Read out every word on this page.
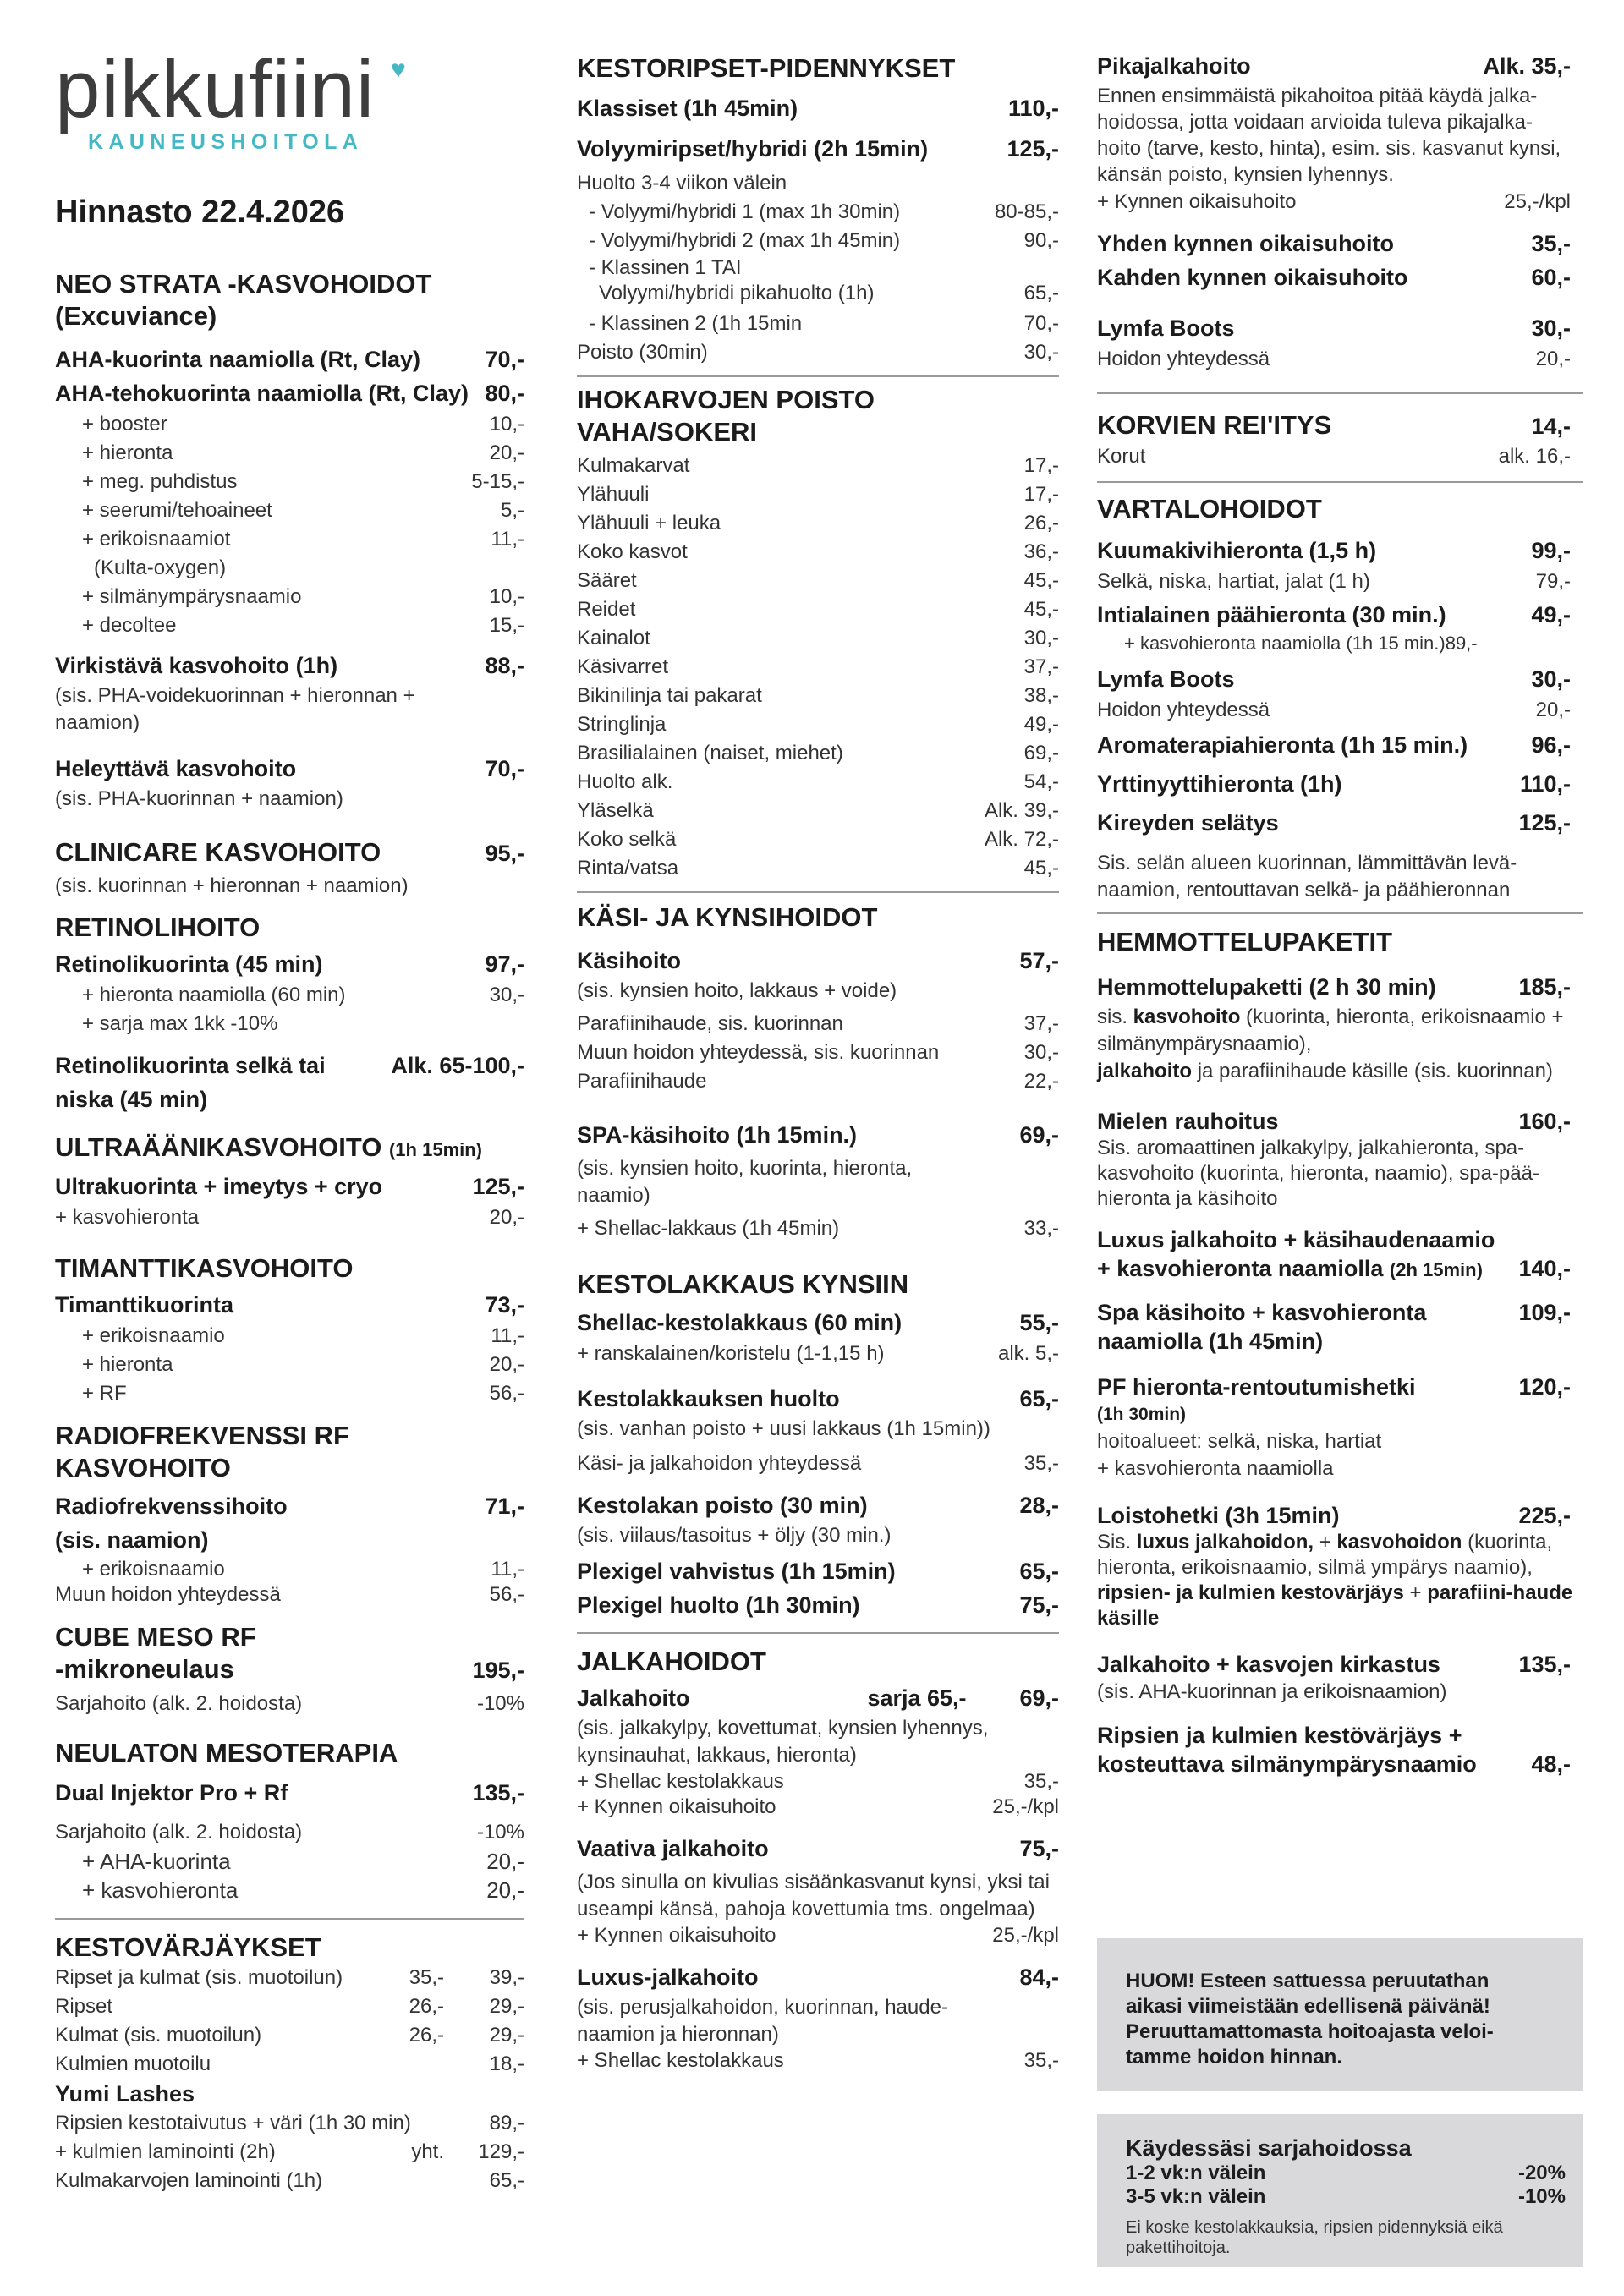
pikkufiini ♥
KAUNEUSHOITOLA
Hinnasto 22.4.2026
NEO STRATA -KASVOHOIDOT
(Excuviance)
AHA-kuorinta naamiolla (Rt, Clay)	70,-
AHA-tehokuorinta naamiolla (Rt, Clay) 80,-
+ booster	10,-
+ hieronta	20,-
+ meg. puhdistus	5-15,-
+ seerumi/tehoaineet	5,-
+ erikoisnaamiot	11,-
(Kulta-oxygen)
+ silmänympärysnaamio	10,-
+ decoltee	15,-
Virkistävä kasvohoito (1h)	88,-
(sis. PHA-voidekuorinnan + hieronnan + naamion)
Heleyttävä kasvohoito	70,-
(sis. PHA-kuorinnan + naamion)
CLINICARE KASVOHOITO	95,-
(sis. kuorinnan + hieronnan + naamion)
RETINOLIHOITO
Retinolikuorinta (45 min)	97,-
+ hieronta naamiolla (60 min)	30,-
+ sarja max 1kk -10%
Retinolikuorinta selkä tai	Alk. 65-100,-
niska (45 min)
ULTRAÄÄNIKASVOHOITO (1h 15min)
Ultrakuorinta + imeytys + cryo	125,-
+ kasvohieronta	20,-
TIMANTTIKASVOHOITO
Timanttikuorinta	73,-
+ erikoisnaamio	11,-
+ hieronta	20,-
+ RF	56,-
RADIOFREKVENSSI RF KASVOHOITO
Radiofrekvenssihoito	71,-
(sis. naamion)
+ erikoisnaamio	11,-
Muun hoidon yhteydessä	56,-
CUBE MESO RF
-mikroneulaus	195,-
Sarjahoito (alk. 2. hoidosta)	-10%
NEULATON MESOTERAPIA
Dual Injektor Pro + Rf	135,-
Sarjahoito (alk. 2. hoidosta)	-10%
+ AHA-kuorinta	20,-
+ kasvohieronta	20,-
KESTOVÄRJÄYKSET
Ripset ja kulmat (sis. muotoilun)	35,-	39,-
Ripset	26,-	29,-
Kulmat (sis. muotoilun)	26,-	29,-
Kulmien muotoilu	18,-
Yumi Lashes
Ripsien kestotaivutus + väri (1h 30 min)	89,-
+ kulmien laminointi (2h)	yht.	129,-
Kulmakarvojen laminointi (1h)	65,-
KESTORIPSET-PIDENNYKSET
Klassiset (1h 45min)	110,-
Volyymiripset/hybridi (2h 15min)	125,-
Huolto 3-4 viikon välein
- Volyymi/hybridi 1 (max 1h 30min)	80-85,-
- Volyymi/hybridi 2 (max 1h 45min)	90,-
- Klassinen 1 TAI
Volyymi/hybridi pikahuolto (1h)	65,-
- Klassinen 2 (1h 15min	70,-
Poisto (30min)	30,-
IHOKARVOJEN POISTO VAHA/SOKERI
Kulmakarvat	17,-
Ylähuuli	17,-
Ylähuuli + leuka	26,-
Koko kasvot	36,-
Sääret	45,-
Reidet	45,-
Kainalot	30,-
Käsivarret	37,-
Bikinilinja tai pakarat	38,-
Stringlinja	49,-
Brasilialainen (naiset, miehet)	69,-
Huolto alk.	54,-
Yläselkä	Alk. 39,-
Koko selkä	Alk. 72,-
Rinta/vatsa	45,-
KÄSI- JA KYNSIHOIDOT
Käsihoito	57,-
(sis. kynsien hoito, lakkaus + voide)
Parafiinihaude, sis. kuorinnan	37,-
Muun hoidon yhteydessä, sis. kuorinnan	30,-
Parafiinihaude	22,-
SPA-käsihoito (1h 15min.)	69,-
(sis. kynsien hoito, kuorinta, hieronta, naamio)
+ Shellac-lakkaus (1h 45min)	33,-
KESTOLAKKAUS KYNSIIN
Shellac-kestolakkaus (60 min)	55,-
+ ranskalainen/koristelu (1-1,15 h)	alk. 5,-
Kestolakkauksen huolto	65,-
(sis. vanhan poisto + uusi lakkaus (1h 15min))
Käsi- ja jalkahoidon yhteydessä	35,-
Kestolakan poisto (30 min)	28,-
(sis. viilaus/tasoitus + öljy (30 min.)
Plexigel vahvistus (1h 15min)	65,-
Plexigel huolto (1h 30min)	75,-
JALKAHOIDOT
Jalkahoito	sarja 65,-	69,-
(sis. jalkakylpy, kovettumat, kynsien lyhennys, kynsinauhat, lakkaus, hieronta)
+ Shellac kestolakkaus	35,-
+ Kynnen oikaisuhoito	25,-/kpl
Vaativa jalkahoito	75,-
(Jos sinulla on kivulias sisäänkasvanut kynsi, yksi tai useampi känsä, pahoja kovettumia tms. ongelmaa)
+ Kynnen oikaisuhoito	25,-/kpl
Luxus-jalkahoito	84,-
(sis. perusjalkahoidon, kuorinnan, haude-naamion ja hieronnan)
+ Shellac kestolakkaus	35,-
Pikajalkahoito	Alk. 35,-
Ennen ensimmäistä pikahoitoa pitää käydä jalka-hoidossa, jotta voidaan arvioida tuleva pikajalka-hoito (tarve, kesto, hinta), esim. sis. kasvanut kynsi, känsän poisto, kynsien lyhennys.
+ Kynnen oikaisuhoito	25,-/kpl
Yhden kynnen oikaisuhoito	35,-
Kahden kynnen oikaisuhoito	60,-
Lymfa Boots	30,-
Hoidon yhteydessä	20,-
KORVIEN REI'ITYS	14,-
Korut	alk. 16,-
VARTALOHOIDOT
Kuumakivihieronta (1,5 h)	99,-
Selkä, niska, hartiat, jalat (1 h)	79,-
Intialainen päähieronta (30 min.)	49,-
+ kasvohieronta naamiolla (1h 15 min.)89,-
Lymfa Boots	30,-
Hoidon yhteydessä	20,-
Aromaterapiahieronta (1h 15 min.)	96,-
Yrttinyyttihieronta (1h)	110,-
Kireyden selätys	125,-
Sis. selän alueen kuorinnan, lämmittävän levä-naamion, rentouttavan selkä- ja päähieronnan
HEMMOTTELUPAKETIT
Hemmottelupaketti (2 h 30 min)	185,-
sis. kasvohoito (kuorinta, hieronta, erikoisnaamio + silmänympärysnaamio),
jalkahoito ja parafiinihaude käsille (sis. kuorinnan)
Mielen rauhoitus	160,-
Sis. aromaattinen jalkakylpy, jalkahieronta, spa-kasvohoito (kuorinta, hieronta, naamio), spa-pää-hieronta ja käsihoito
Luxus jalkahoito + käsihaudenaamio
+ kasvohieronta naamiolla (2h 15min)	140,-
Spa käsihoito + kasvohieronta	109,-
naamiolla (1h 45min)
PF hieronta-rentoutumishetki	120,-
(1h 30min)
hoitoalueet: selkä, niska, hartiat
+ kasvohieronta naamiolla
Loistohetki (3h 15min)	225,-
Sis. luxus jalkahoidon, + kasvohoidon (kuorinta, hieronta, erikoisnaamio, silmä ympärys naamio), ripsien- ja kulmien kestovärjäys + parafiini-haude käsille
Jalkahoito + kasvojen kirkastus	135,-
(sis. AHA-kuorinnan ja erikoisnaamion)
Ripsien ja kulmien kestövärjäys +
kosteuttava silmänympärysnaamio	48,-
HUOM! Esteen sattuessa peruutathan aikasi viimeistään edellisenä päivänä! Peruuttamattomasta hoitoajasta veloi-tamme hoidon hinnan.
Käydessäsi sarjahoidossa
1-2 vk:n välein	-20%
3-5 vk:n välein	-10%
Ei koske kestolakkauksia, ripsien pidennyksiä eikä pakettihoitoja.
